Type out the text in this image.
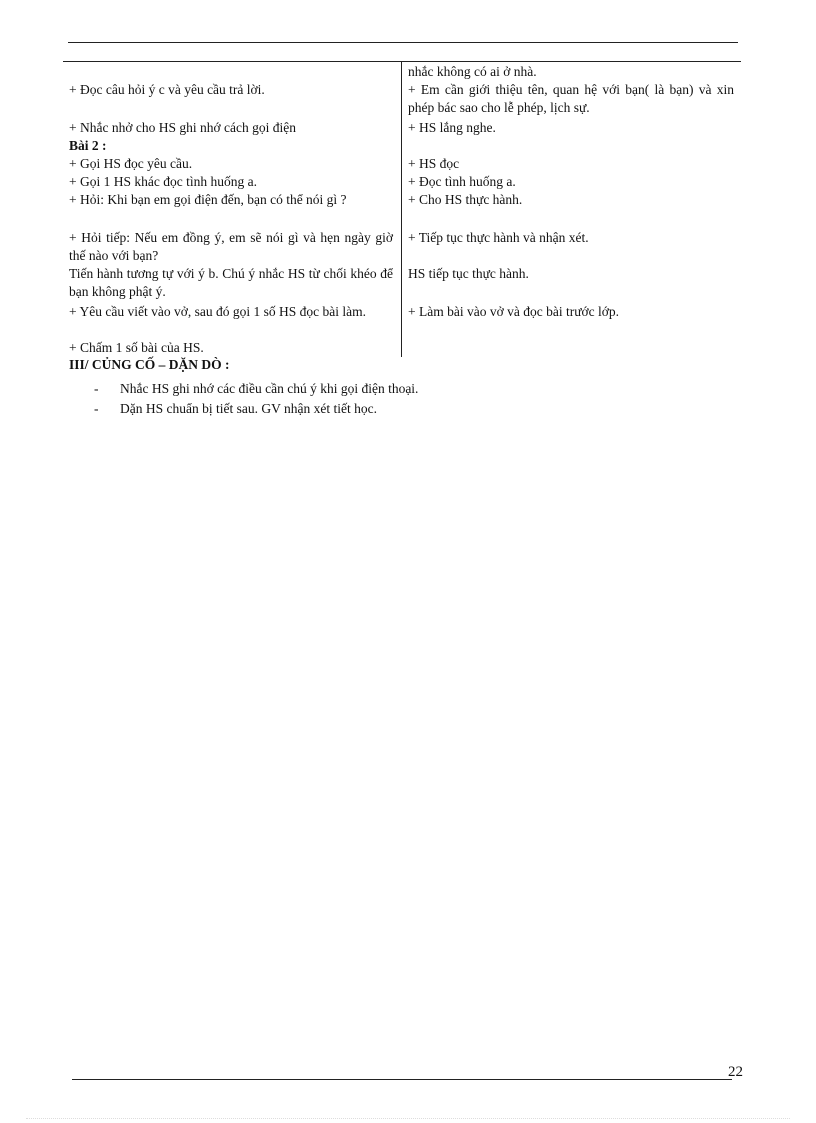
+ Đọc câu hỏi ý c và yêu cầu trả lời.
+ Nhắc nhở cho HS ghi nhớ cách gọi điện
Bài 2 :
+ Gọi HS đọc yêu cầu.
+ Gọi 1 HS khác đọc tình huống a.
+ Hỏi: Khi bạn em gọi điện đến, bạn có thể nói gì ?
+ Hỏi tiếp: Nếu em đồng ý, em sẽ nói gì và hẹn ngày giờ thế nào với bạn?
Tiến hành tương tự với ý b. Chú ý nhắc HS từ chối khéo để bạn không phật ý.
+ Yêu cầu viết vào vở, sau đó gọi 1 số HS đọc bài làm.
+ Chấm 1 số bài của HS.
nhắc không có ai ở nhà.
+ Em cần giới thiệu tên, quan hệ với bạn( là bạn) và xin phép bác sao cho lễ phép, lịch sự.
+ HS lắng nghe.
+ HS đọc
+ Đọc tình huống a.
+ Cho HS thực hành.
+ Tiếp tục thực hành và nhận xét.
HS tiếp tục thực hành.
+ Làm bài vào vở và đọc bài trước lớp.
III/ CỦNG CỐ – DẶN DÒ :
- Nhắc HS ghi nhớ các điều cần chú ý khi gọi điện thoại.
- Dặn HS chuẩn bị tiết sau. GV nhận xét tiết học.
22
